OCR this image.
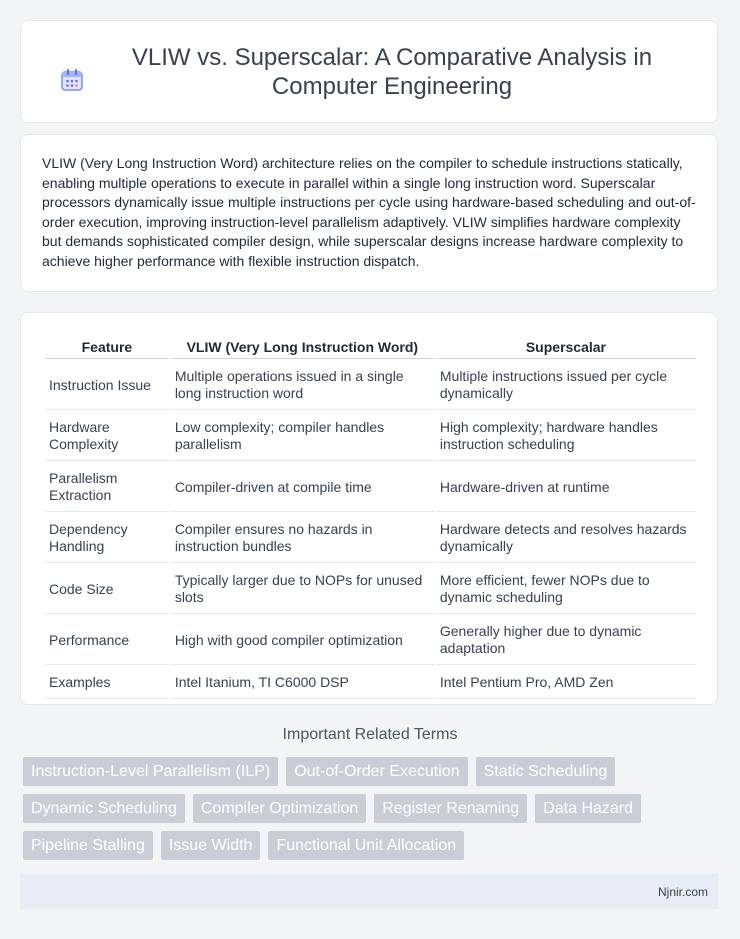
VLIW vs. Superscalar: A Comparative Analysis in Computer Engineering

VLIW (Very Long Instruction Word) architecture relies on the compiler to schedule instructions statically, enabling multiple operations to execute in parallel within a single long instruction word. Superscalar processors dynamically issue multiple instructions per cycle using hardware-based scheduling and out-of-order execution, improving instruction-level parallelism adaptively. VLIW simplifies hardware complexity but demands sophisticated compiler design, while superscalar designs increase hardware complexity to achieve higher performance with flexible instruction dispatch.

Feature	VLIW (Very Long Instruction Word)	Superscalar
Instruction Issue	Multiple operations issued in a single long instruction word	Multiple instructions issued per cycle dynamically
Hardware Complexity	Low complexity; compiler handles parallelism	High complexity; hardware handles instruction scheduling
Parallelism Extraction	Compiler-driven at compile time	Hardware-driven at runtime
Dependency Handling	Compiler ensures no hazards in instruction bundles	Hardware detects and resolves hazards dynamically
Code Size	Typically larger due to NOPs for unused slots	More efficient, fewer NOPs due to dynamic scheduling
Performance	High with good compiler optimization	Generally higher due to dynamic adaptation
Examples	Intel Itanium, TI C6000 DSP	Intel Pentium Pro, AMD Zen
Important Related Terms
Instruction-Level Parallelism (ILP)	Out-of-Order Execution	Static Scheduling
Dynamic Scheduling	Compiler Optimization	Register Renaming	Data Hazard
Pipeline Stalling	Issue Width	Functional Unit Allocation
Njnir.com
